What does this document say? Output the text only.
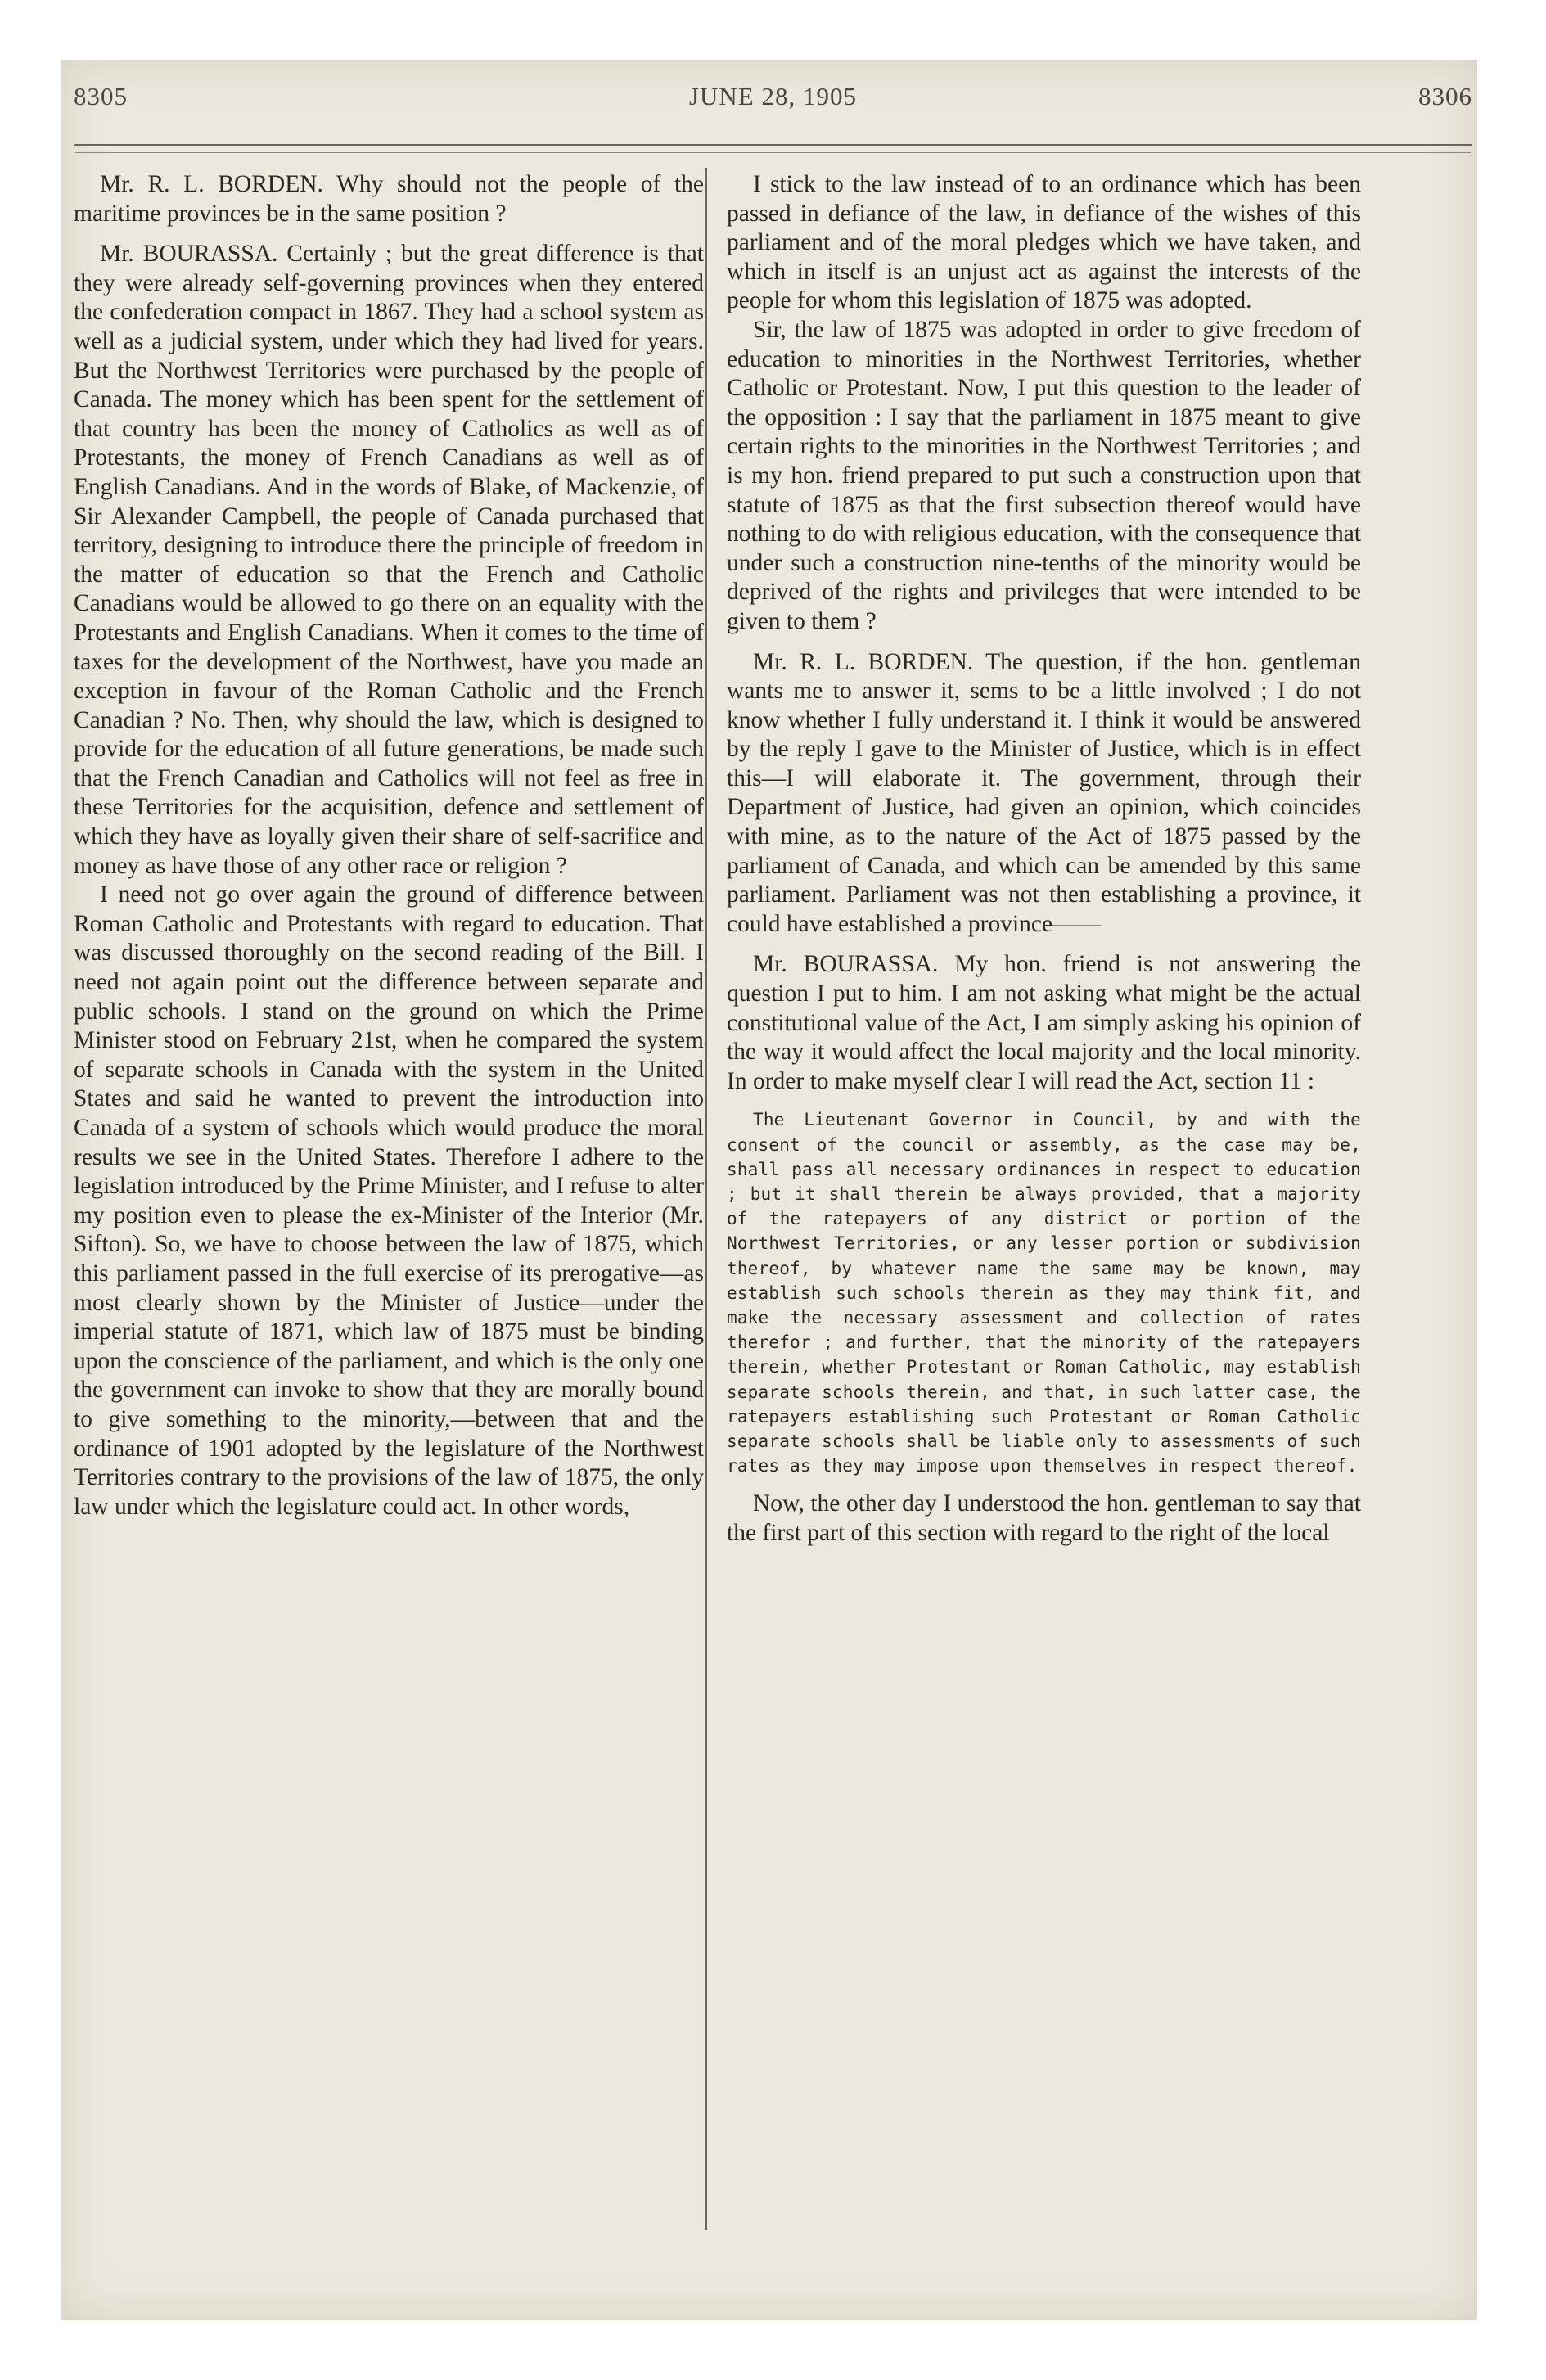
8305	JUNE 28, 1905	8306

Mr. R. L. BORDEN. Why should not the people of the maritime provinces be in the same position ?

Mr. BOURASSA. Certainly ; but the great difference is that they were already self-governing provinces when they entered the confederation compact in 1867. They had a school system as well as a judicial system, under which they had lived for years. But the Northwest Territories were purchased by the people of Canada. The money which has been spent for the settlement of that country has been the money of Catholics as well as of Protestants, the money of French Canadians as well as of English Canadians. And in the words of Blake, of Mackenzie, of Sir Alexander Campbell, the people of Canada purchased that territory, designing to introduce there the principle of freedom in the matter of education so that the French and Catholic Canadians would be allowed to go there on an equality with the Protestants and English Canadians. When it comes to the time of taxes for the development of the Northwest, have you made an exception in favour of the Roman Catholic and the French Canadian ? No. Then, why should the law, which is designed to provide for the education of all future generations, be made such that the French Canadian and Catholics will not feel as free in these Territories for the acquisition, defence and settlement of which they have as loyally given their share of self-sacrifice and money as have those of any other race or religion ?

I need not go over again the ground of difference between Roman Catholic and Protestants with regard to education. That was discussed thoroughly on the second reading of the Bill. I need not again point out the difference between separate and public schools. I stand on the ground on which the Prime Minister stood on February 21st, when he compared the system of separate schools in Canada with the system in the United States and said he wanted to prevent the introduction into Canada of a system of schools which would produce the moral results we see in the United States. Therefore I adhere to the legislation introduced by the Prime Minister, and I refuse to alter my position even to please the ex-Minister of the Interior (Mr. Sifton). So, we have to choose between the law of 1875, which this parliament passed in the full exercise of its prerogative—as most clearly shown by the Minister of Justice—under the imperial statute of 1871, which law of 1875 must be binding upon the conscience of the parliament, and which is the only one the government can invoke to show that they are morally bound to give something to the minority,—between that and the ordinance of 1901 adopted by the legislature of the Northwest Territories contrary to the provisions of the law of 1875, the only law under which the legislature could act. In other words,

I stick to the law instead of to an ordinance which has been passed in defiance of the law, in defiance of the wishes of this parliament and of the moral pledges which we have taken, and which in itself is an unjust act as against the interests of the people for whom this legislation of 1875 was adopted.

Sir, the law of 1875 was adopted in order to give freedom of education to minorities in the Northwest Territories, whether Catholic or Protestant. Now, I put this question to the leader of the opposition : I say that the parliament in 1875 meant to give certain rights to the minorities in the Northwest Territories ; and is my hon. friend prepared to put such a construction upon that statute of 1875 as that the first subsection thereof would have nothing to do with religious education, with the consequence that under such a construction nine-tenths of the minority would be deprived of the rights and privileges that were intended to be given to them ?

Mr. R. L. BORDEN. The question, if the hon. gentleman wants me to answer it, sems to be a little involved ; I do not know whether I fully understand it. I think it would be answered by the reply I gave to the Minister of Justice, which is in effect this—I will elaborate it. The government, through their Department of Justice, had given an opinion, which coincides with mine, as to the nature of the Act of 1875 passed by the parliament of Canada, and which can be amended by this same parliament. Parliament was not then establishing a province, it could have established a province——

Mr. BOURASSA. My hon. friend is not answering the question I put to him. I am not asking what might be the actual constitutional value of the Act, I am simply asking his opinion of the way it would affect the local majority and the local minority. In order to make myself clear I will read the Act, section 11 :

The Lieutenant Governor in Council, by and with the consent of the council or assembly, as the case may be, shall pass all necessary ordinances in respect to education ; but it shall therein be always provided, that a majority of the ratepayers of any district or portion of the Northwest Territories, or any lesser portion or subdivision thereof, by whatever name the same may be known, may establish such schools therein as they may think fit, and make the necessary assessment and collection of rates therefor ; and further, that the minority of the ratepayers therein, whether Protestant or Roman Catholic, may establish separate schools therein, and that, in such latter case, the ratepayers establishing such Protestant or Roman Catholic separate schools shall be liable only to assessments of such rates as they may impose upon themselves in respect thereof.

Now, the other day I understood the hon. gentleman to say that the first part of this section with regard to the right of the local
